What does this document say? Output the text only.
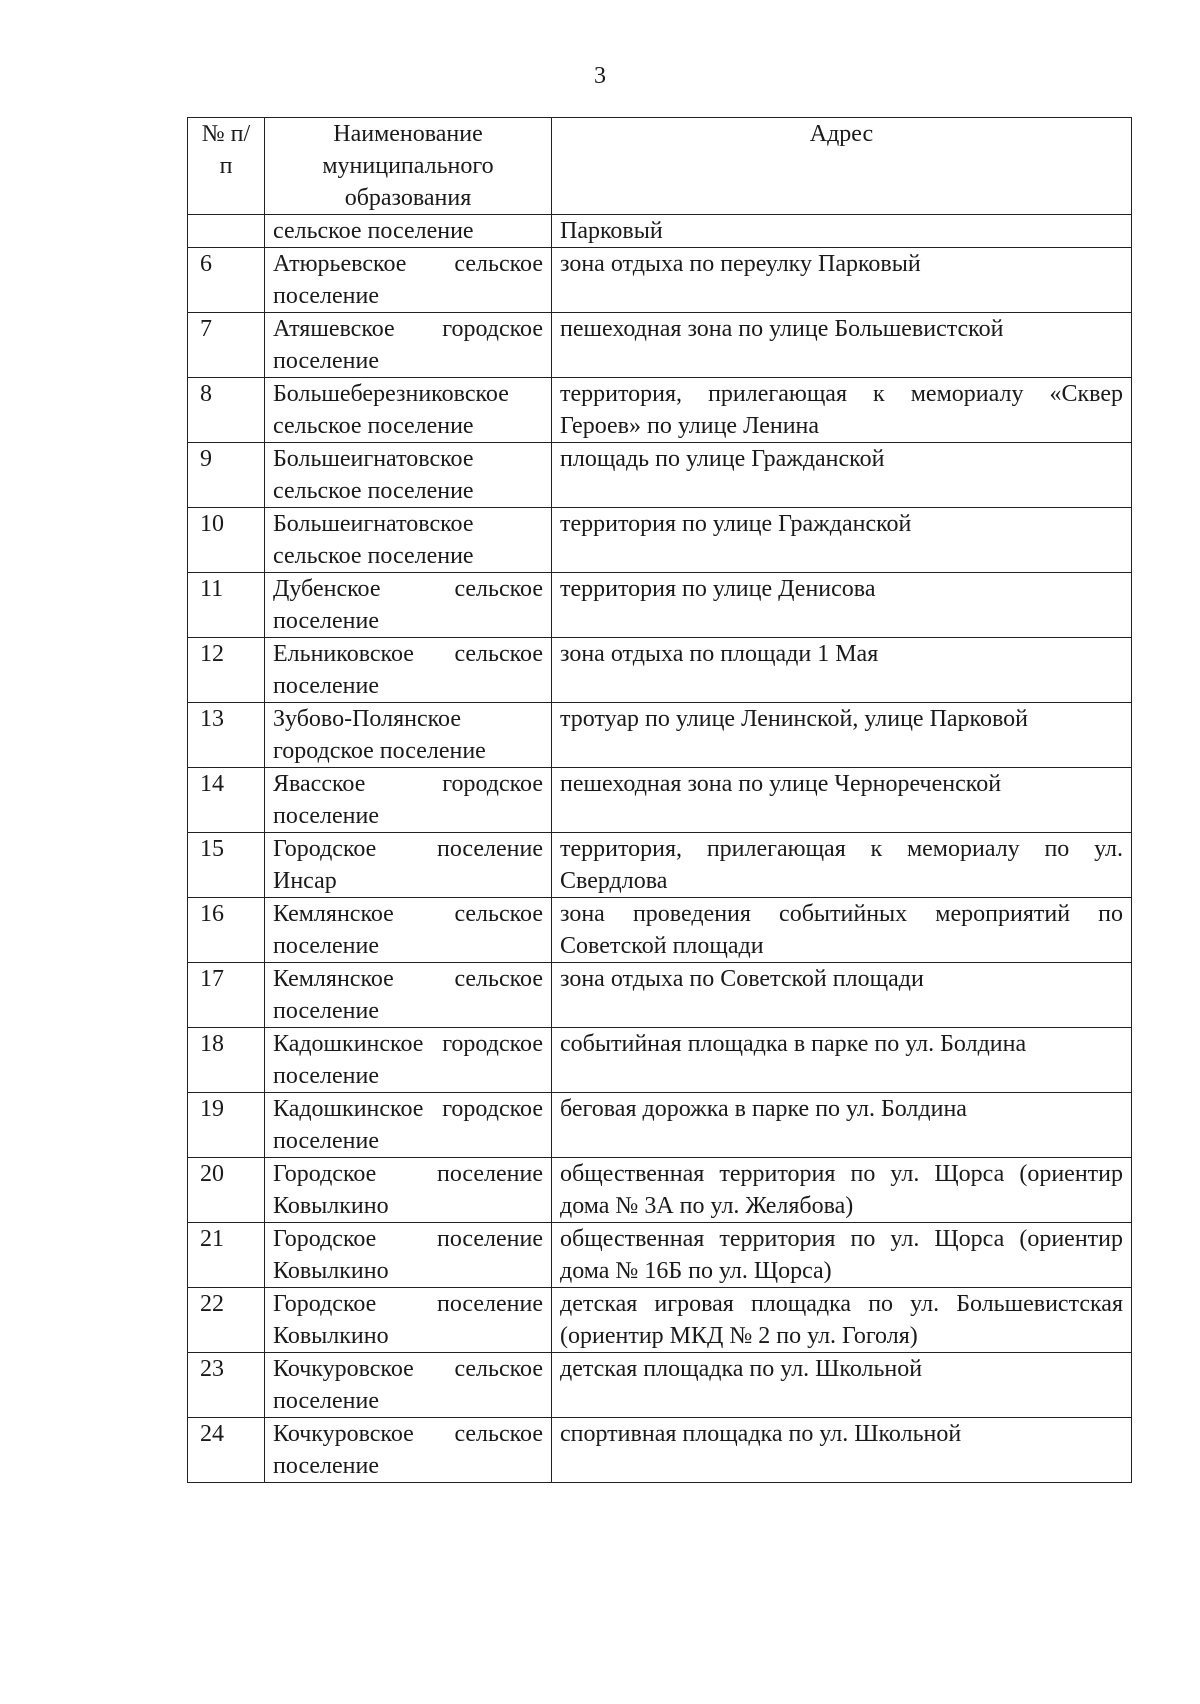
3
№ п/п	Наименование муниципального образования	Адрес
	сельское поселение	Парковый
6	Атюрьевское сельское поселение	зона отдыха по переулку Парковый
7	Атяшевское городское поселение	пешеходная зона по улице Большевистской
8	Большеберезниковское сельское поселение	территория, прилегающая к мемориалу «Сквер Героев» по улице Ленина
9	Большеигнатовское сельское поселение	площадь по улице Гражданской
10	Большеигнатовское сельское поселение	территория по улице Гражданской
11	Дубенское сельское поселение	территория по улице Денисова
12	Ельниковское сельское поселение	зона отдыха по площади 1 Мая
13	Зубово-Полянское городское поселение	тротуар по улице Ленинской, улице Парковой
14	Явасское городское поселение	пешеходная зона по улице Чернореченской
15	Городское поселение Инсар	территория, прилегающая к мемориалу по ул. Свердлова
16	Кемлянское сельское поселение	зона проведения событийных мероприятий по Советской площади
17	Кемлянское сельское поселение	зона отдыха по Советской площади
18	Кадошкинское городское поселение	событийная площадка в парке по ул. Болдина
19	Кадошкинское городское поселение	беговая дорожка в парке по ул. Болдина
20	Городское поселение Ковылкино	общественная территория по ул. Щорса (ориентир дома № 3А по ул. Желябова)
21	Городское поселение Ковылкино	общественная территория по ул. Щорса (ориентир дома № 16Б по ул. Щорса)
22	Городское поселение Ковылкино	детская игровая площадка по ул. Большевистская (ориентир МКД № 2 по ул. Гоголя)
23	Кочкуровское сельское поселение	детская площадка по ул. Школьной
24	Кочкуровское сельское поселение	спортивная площадка по ул. Школьной
